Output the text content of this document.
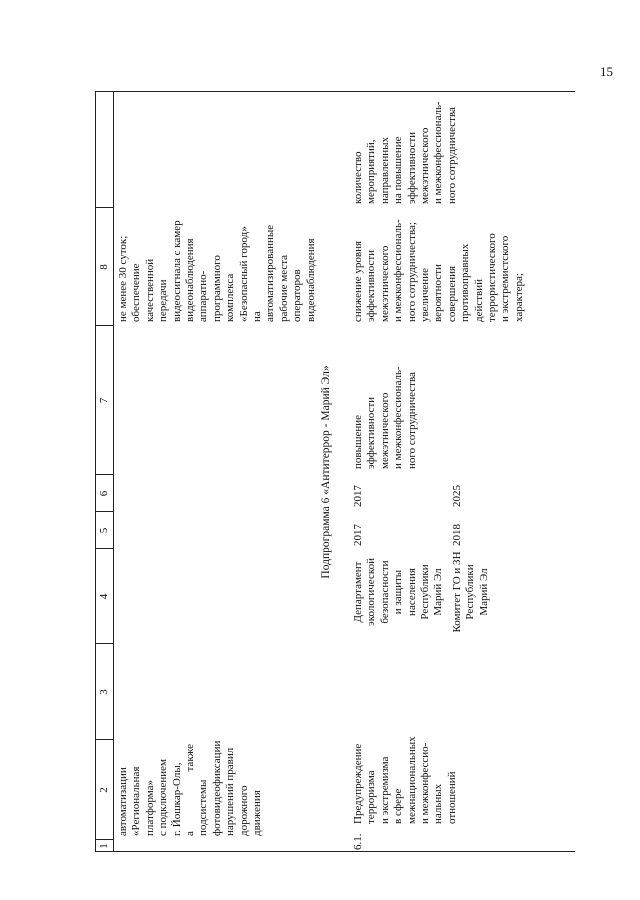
15
1
2
3
4
5
6
7
8
автоматизации
«Региональная
платформа»
с подключением
г. Йошкар-Олы,
а также подсистемы
фотовидеофиксации
нарушений правил
дорожного
движения
не менее 30 суток;
обеспечение
качественной
передачи
видеосигнала с камер
видеонаблюдения
аппаратно-
программного
комплекса
«Безопасный город»
на
автоматизированные
рабочие места
операторов
видеонаблюдения
Подпрограмма 6 «Антитеррор - Марий Эл»
6.1.
Предупреждение
терроризма
и экстремизма
в сфере
межнациональных
и межконфессио-
нальных
отношений
Департамент
экологической
безопасности
и защиты
населения
Республики
Марий Эл
2017
2017
Комитет ГО и ЗН
Республики
Марий Эл
2018
2025
повышение
эффективности
межэтнического
и межконфессиональ-
ного сотрудничества
снижение уровня
эффективности
межэтнического
и межконфессиональ-
ного сотрудничества;
увеличение
вероятности
совершения
противоправных
действий
террористического
и экстремистского
характера;
количество
мероприятий,
направленных
на повышение
эффективности
межэтнического
и межконфессиональ-
ного сотрудничества
